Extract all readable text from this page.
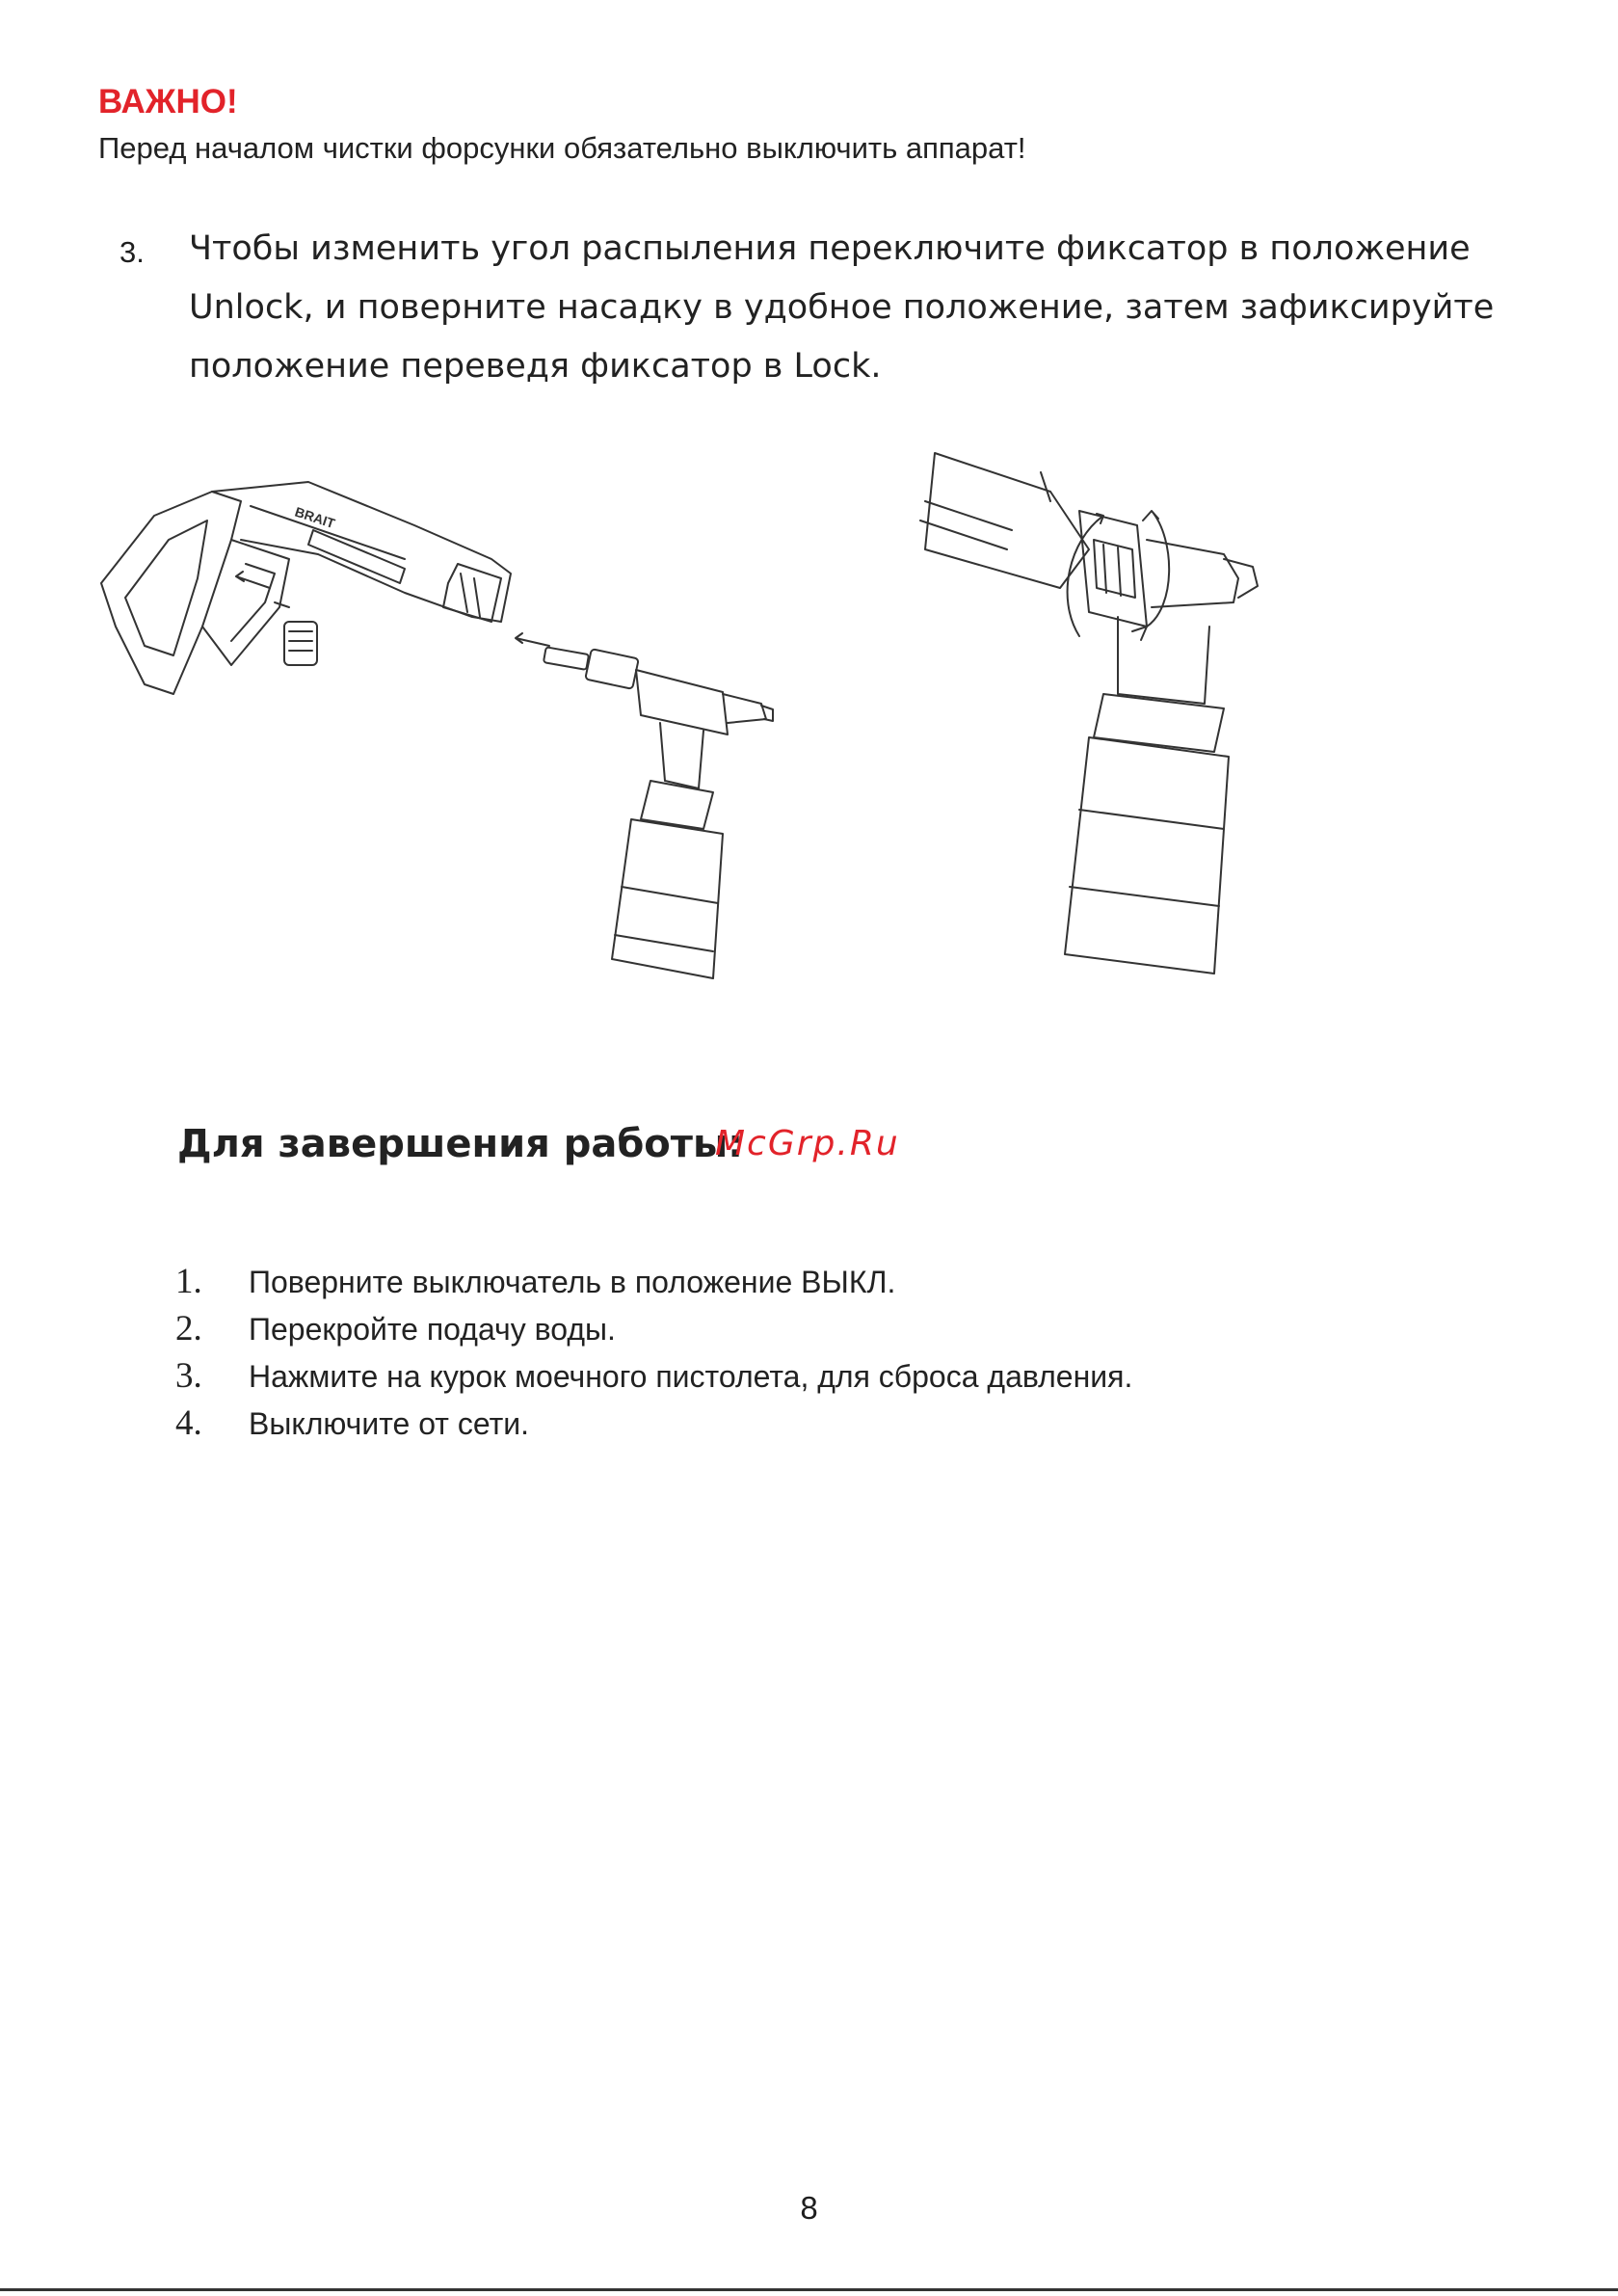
ВАЖНО!
Перед началом чистки форсунки обязательно выключить аппарат!
3. Чтобы изменить угол распыления переключите фиксатор в положение
Unlock, и поверните насадку в удобное положение, затем зафиксируйте
положение переведя фиксатор в Lock.
BRAIT
Для завершения работы:
McGrp.Ru
1.	Поверните выключатель в положение ВЫКЛ.
2.	Перекройте подачу воды.
3.	Нажмите на курок моечного пистолета, для сброса давления.
4.	Выключите от сети.
8
